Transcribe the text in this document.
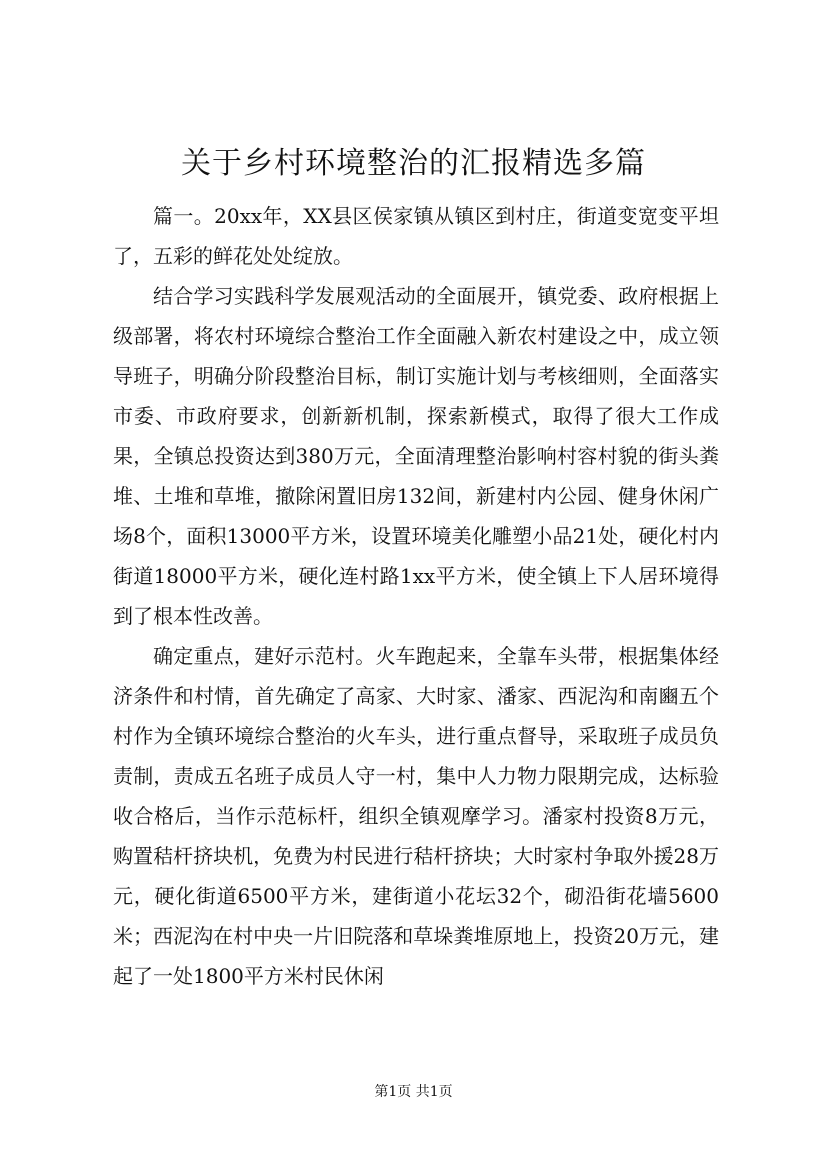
关于乡村环境整治的汇报精选多篇

篇一。20xx年，XX县区侯家镇从镇区到村庄，街道变宽变平坦了，五彩的鲜花处处绽放。

结合学习实践科学发展观活动的全面展开，镇党委、政府根据上级部署，将农村环境综合整治工作全面融入新农村建设之中，成立领导班子，明确分阶段整治目标，制订实施计划与考核细则，全面落实市委、市政府要求，创新新机制，探索新模式，取得了很大工作成果，全镇总投资达到380万元，全面清理整治影响村容村貌的街头粪堆、土堆和草堆，撤除闲置旧房132间，新建村内公园、健身休闲广场8个，面积13000平方米，设置环境美化雕塑小品21处，硬化村内街道18000平方米，硬化连村路1xx平方米，使全镇上下人居环境得到了根本性改善。

确定重点，建好示范村。火车跑起来，全靠车头带，根据集体经济条件和村情，首先确定了高家、大时家、潘家、西泥沟和南豳五个村作为全镇环境综合整治的火车头，进行重点督导，采取班子成员负责制，责成五名班子成员人守一村，集中人力物力限期完成，达标验收合格后，当作示范标杆，组织全镇观摩学习。潘家村投资8万元，购置秸杆挤块机，免费为村民进行秸杆挤块；大时家村争取外援28万元，硬化街道6500平方米，建街道小花坛32个，砌沿街花墙5600米；西泥沟在村中央一片旧院落和草垛粪堆原地上，投资20万元，建起了一处1800平方米村民休闲

第1页 共1页
